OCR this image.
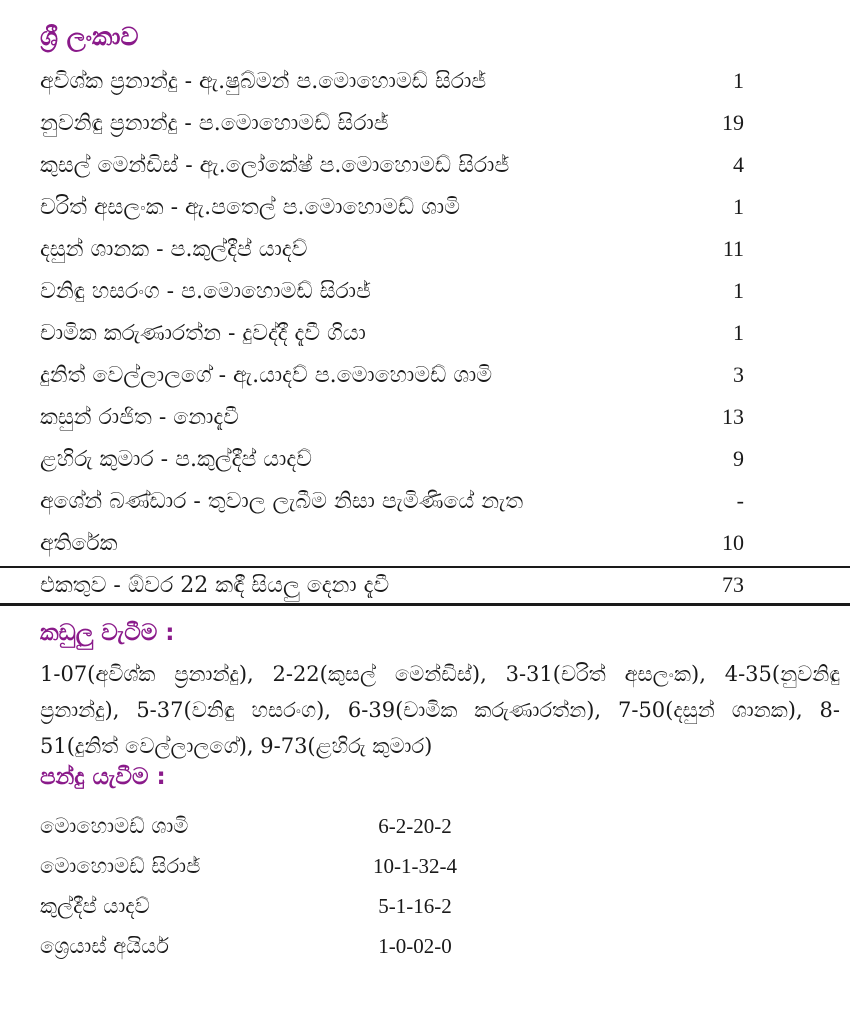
ශ්‍රී ලංකාව
අවිශ්ක ප්‍රනාන්දු - ඇ.ෂුබ්මන් ප.මොහොමඩ් සිරාජ්	1
නුවනිඳු ප්‍රනාන්දු - ප.මොහොමඩ් සිරාජ්	19
කුසල් මෙන්ඩිස් - ඇ.ලෝකේෂ් ප.මොහොමඩ් සිරාජ්	4
චරිත් අසලංක - ඇ.පතෙල් ප.මොහොමඩ් ශාමි	1
දසුන් ශානක - ප.කුල්දීප් යාදව්	11
වනිඳු හසරංග - ප.මොහොමඩ් සිරාජ්	1
චාමික කරුණාරත්න - දුවද්දී දැවී ගියා	1
දුනිත් වෙල්ලාලගේ - ඇ.යාදව් ප.මොහොමඩ් ශාමි	3
කසුන් රාජිත - නොදැවී	13
ළහිරු කුමාර - ප.කුල්දීප් යාදව්	9
අශේන් බණ්ඩාර - තුවාල ලැබීම නිසා පැමිණියේ නැත	-
අතිරේක	10
එකතුව - ඕවර 22 කඳී සියලු දෙනා දැවී	73
කඩුලු වැටීම :
1-07(අවිශ්ක ප්‍රනාන්දු), 2-22(කුසල් මෙන්ඩිස්), 3-31(චරිත් අසලංක), 4-35(නුවනිඳු ප්‍රනාන්දු), 5-37(වනිඳු හසරංග), 6-39(චාමික කරුණාරත්න), 7-50(දසුන් ශානක), 8-51(දුනිත් වෙල්ලාලගේ), 9-73(ළහිරු කුමාර)
පන්දු යැවීම :
මොහොමඩ් ශාමි	6-2-20-2
මොහොමඩ් සිරාජ්	10-1-32-4
කුල්දීප් යාදව්	5-1-16-2
ශ්‍රෙයාස් අයියර්	1-0-02-0
